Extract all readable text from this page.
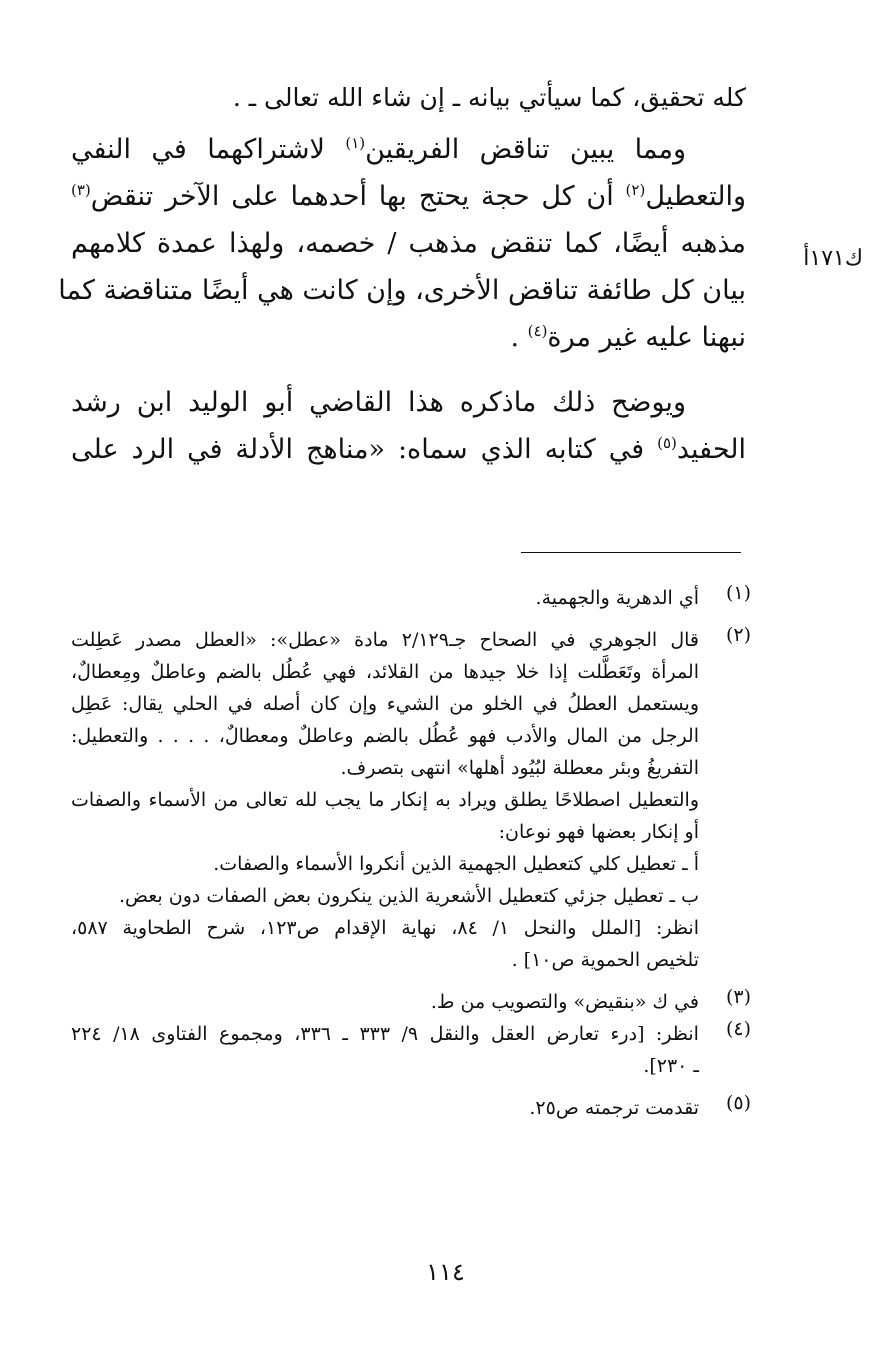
كله تحقيق، كما سيأتي بيانه ـ إن شاء الله تعالى ـ .
ومما يبين تناقض الفريقين$^{(١)}$ لاشتراكهما في النفي
والتعطيل$^{(٢)}$ أن كل حجة يحتج بها أحدهما على الآخر تنقض$^{(٣)}$
مذهبه أيضًا، كما تنقض مذهب / خصمه، ولهذا عمدة كلامهم
بيان كل طائفة تناقض الأخرى، وإن كانت هي أيضًا متناقضة كما
نبهنا عليه غير مرة$^{(٤)}$ .
ويوضح ذلك ماذكره هذا القاضي أبو الوليد ابن رشد
الحفيد$^{(٥)}$ في كتابه الذي سماه: «مناهج الأدلة في الرد على
ك١٧١أ
(١)
أي الدهرية والجهمية.
(٢)
قال الجوهري في الصحاح جـ٢/١٢٩ مادة «عطل»: «العطل مصدر عَطِلت
المرأة وتَعَطَّلت إذا خلا جيدها من القلائد، فهي عُطُل بالضم وعاطلٌ ومِعطالٌ،
ويستعمل العطلُ في الخلو من الشيء وإن كان أصله في الحلي يقال: عَطِل
الرجل من المال والأدب فهو عُطُل بالضم وعاطلٌ ومعطالٌ، . . . . والتعطيل:
التفريغُ وبئر معطلة لبُيُود أهلها» انتهى بتصرف.
والتعطيل اصطلاحًا يطلق ويراد به إنكار ما يجب لله تعالى من الأسماء والصفات
أو إنكار بعضها فهو نوعان:
أ ـ تعطيل كلي كتعطيل الجهمية الذين أنكروا الأسماء والصفات.
ب ـ تعطيل جزئي كتعطيل الأشعرية الذين ينكرون بعض الصفات دون بعض.
انظر: [الملل والنحل ١/ ٨٤، نهاية الإقدام ص١٢٣، شرح الطحاوية ٥٨٧،
تلخيص الحموية ص١٠] .
(٣)
في ك «بنقيض» والتصويب من ط.
(٤)
انظر: [درء تعارض العقل والنقل ٩/ ٣٣٣ ـ ٣٣٦، ومجموع الفتاوى ١٨/ ٢٢٤
ـ ٢٣٠].
(٥)
تقدمت ترجمته ص٢٥.
١١٤
